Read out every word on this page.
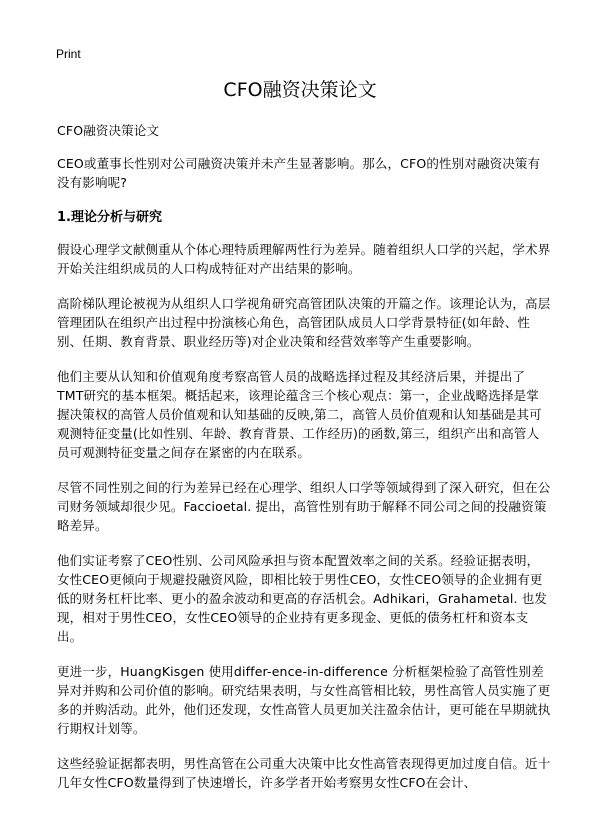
Print
CFO融资决策论文

CFO融资决策论文

CEO或董事长性别对公司融资决策并未产生显著影响。那么，CFO的性别对融资决策有没有影响呢?

1.理论分析与研究

假设心理学文献侧重从个体心理特质理解两性行为差异。随着组织人口学的兴起，学术界开始关注组织成员的人口构成特征对产出结果的影响。

高阶梯队理论被视为从组织人口学视角研究高管团队决策的开篇之作。该理论认为，高层管理团队在组织产出过程中扮演核心角色，高管团队成员人口学背景特征(如年龄、性别、任期、教育背景、职业经历等)对企业决策和经营效率等产生重要影响。

他们主要从认知和价值观角度考察高管人员的战略选择过程及其经济后果，并提出了TMT研究的基本框架。概括起来，该理论蕴含三个核心观点：第一，企业战略选择是掌握决策权的高管人员价值观和认知基础的反映,第二，高管人员价值观和认知基础是其可观测特征变量(比如性别、年龄、教育背景、工作经历)的函数,第三，组织产出和高管人员可观测特征变量之间存在紧密的内在联系。

尽管不同性别之间的行为差异已经在心理学、组织人口学等领域得到了深入研究，但在公司财务领域却很少见。Faccioetal. 提出，高管性别有助于解释不同公司之间的投融资策略差异。

他们实证考察了CEO性别、公司风险承担与资本配置效率之间的关系。经验证据表明，女性CEO更倾向于规避投融资风险，即相比较于男性CEO，女性CEO领导的企业拥有更低的财务杠杆比率、更小的盈余波动和更高的存活机会。Adhikari，Grahametal. 也发现，相对于男性CEO，女性CEO领导的企业持有更多现金、更低的债务杠杆和资本支出。

更进一步，HuangKisgen 使用differ-ence-in-difference 分析框架检验了高管性别差异对并购和公司价值的影响。研究结果表明，与女性高管相比较，男性高管人员实施了更多的并购活动。此外，他们还发现，女性高管人员更加关注盈余估计，更可能在早期就执行期权计划等。

这些经验证据都表明，男性高管在公司重大决策中比女性高管表现得更加过度自信。近十几年女性CFO数量得到了快速增长，许多学者开始考察男女性CFO在会计、
